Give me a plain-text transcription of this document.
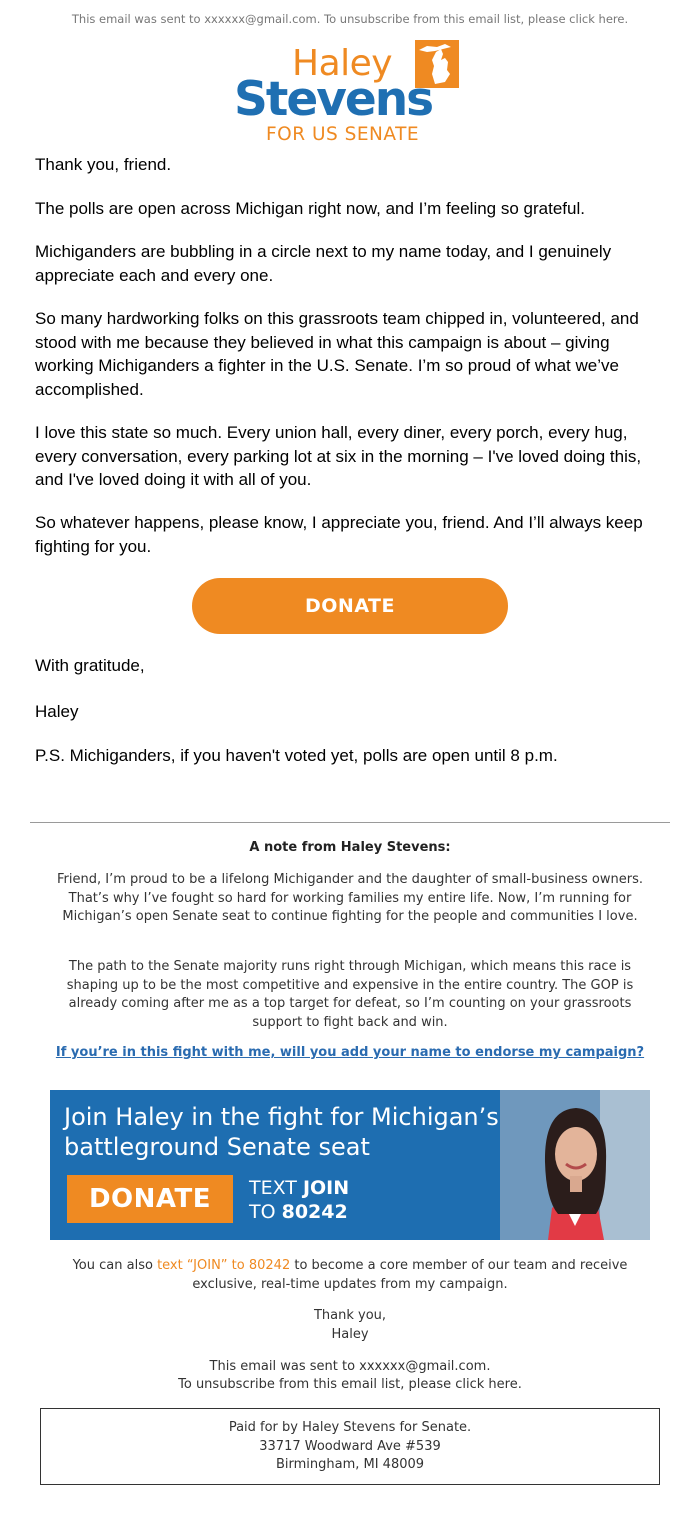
This email was sent to xxxxxx@gmail.com. To unsubscribe from this email list, please click here.
Haley
Stevens
FOR US SENATE
Thank you, friend.
The polls are open across Michigan right now, and I’m feeling so grateful.
Michiganders are bubbling in a circle next to my name today, and I genuinely appreciate each and every one.
So many hardworking folks on this grassroots team chipped in, volunteered, and stood with me because they believed in what this campaign is about – giving working Michiganders a fighter in the U.S. Senate. I’m so proud of what we’ve accomplished.
I love this state so much. Every union hall, every diner, every porch, every hug, every conversation, every parking lot at six in the morning – I've loved doing this, and I've loved doing it with all of you.
So whatever happens, please know, I appreciate you, friend. And I’ll always keep fighting for you.
DONATE
With gratitude,
Haley
P.S. Michiganders, if you haven't voted yet, polls are open until 8 p.m.
A note from Haley Stevens:
Friend, I’m proud to be a lifelong Michigander and the daughter of small-business owners. That’s why I’ve fought so hard for working families my entire life. Now, I’m running for Michigan’s open Senate seat to continue fighting for the people and communities I love.
The path to the Senate majority runs right through Michigan, which means this race is shaping up to be the most competitive and expensive in the entire country. The GOP is already coming after me as a top target for defeat, so I’m counting on your grassroots support to fight back and win.
If you’re in this fight with me, will you add your name to endorse my campaign?
Join Haley in the fight for Michigan’s battleground Senate seat
DONATE	TEXT JOIN
TO 80242
You can also text “JOIN” to 80242 to become a core member of our team and receive exclusive, real-time updates from my campaign.
Thank you,
Haley
This email was sent to xxxxxx@gmail.com.
To unsubscribe from this email list, please click here.
Paid for by Haley Stevens for Senate.
33717 Woodward Ave #539
Birmingham, MI 48009
